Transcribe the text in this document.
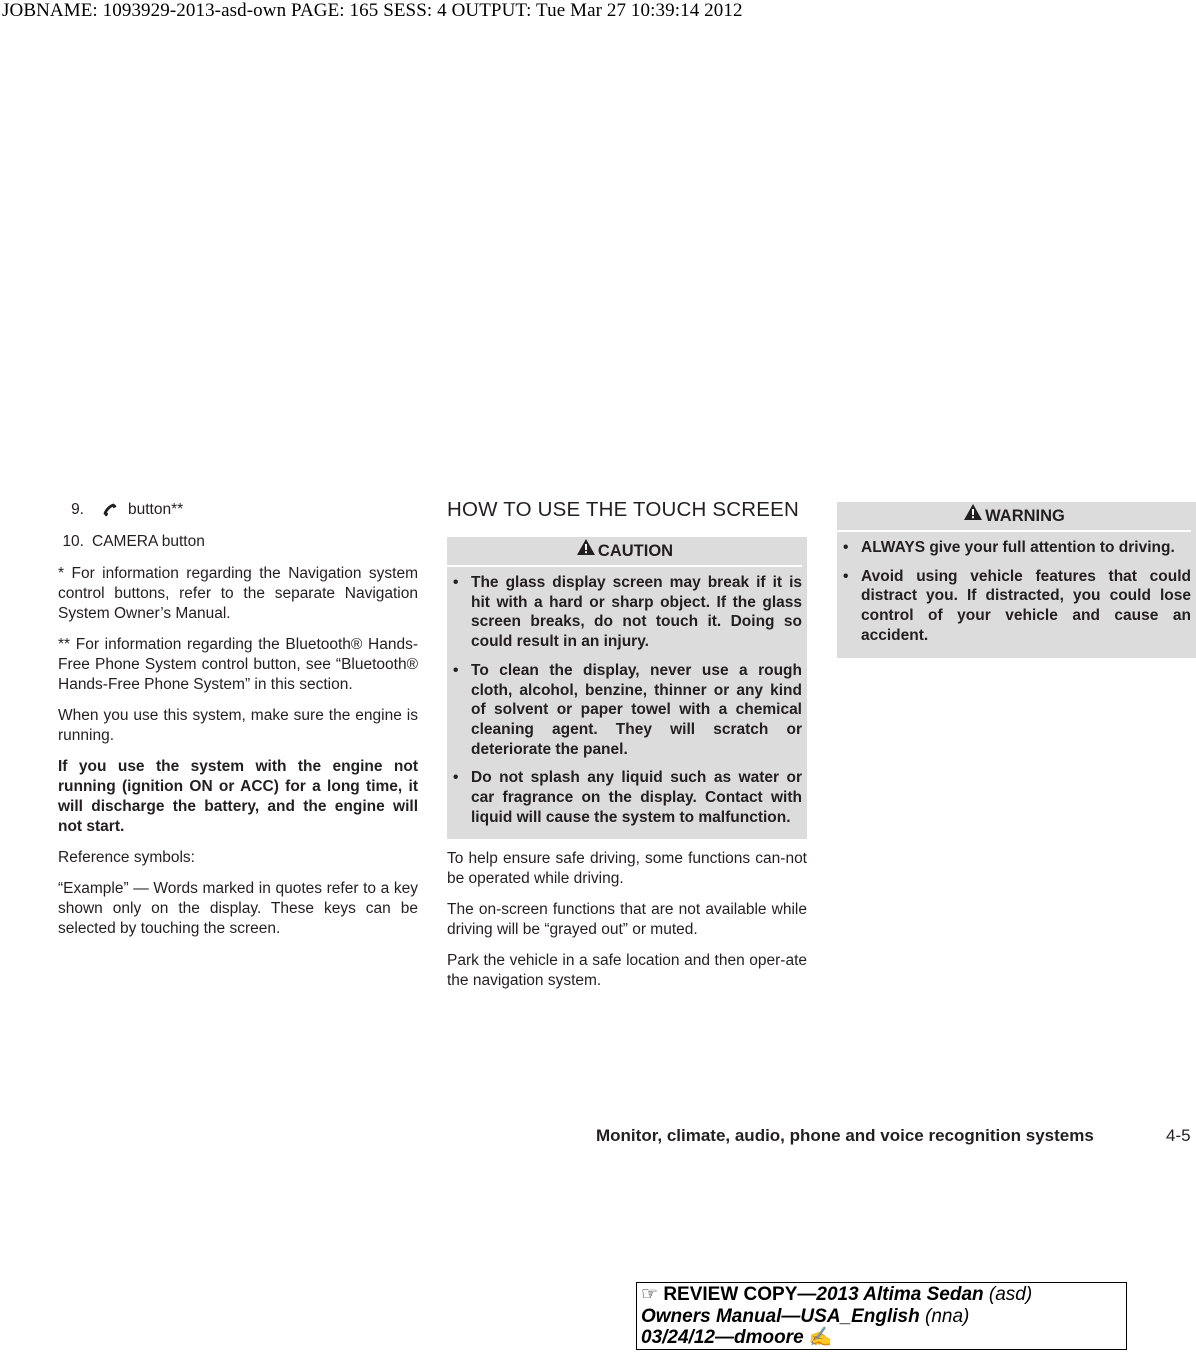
JOBNAME: 1093929-2013-asd-own PAGE: 165 SESS: 4 OUTPUT: Tue Mar 27 10:39:14 2012
9.	button**
10. CAMERA button

* For information regarding the Navigation system control buttons, refer to the separate Navigation System Owner’s Manual.

** For information regarding the Bluetooth® Hands-Free Phone System control button, see “Bluetooth® Hands-Free Phone System” in this section.

When you use this system, make sure the engine is running.

If you use the system with the engine not running (ignition ON or ACC) for a long time, it will discharge the battery, and the engine will not start.

Reference symbols:

“Example” — Words marked in quotes refer to a key shown only on the display. These keys can be selected by touching the screen.

HOW TO USE THE TOUCH SCREEN
CAUTION
• The glass display screen may break if it is hit with a hard or sharp object. If the glass screen breaks, do not touch it. Doing so could result in an injury.
• To clean the display, never use a rough cloth, alcohol, benzine, thinner or any kind of solvent or paper towel with a chemical cleaning agent. They will scratch or deteriorate the panel.
• Do not splash any liquid such as water or car fragrance on the display. Contact with liquid will cause the system to malfunction.

To help ensure safe driving, some functions can-not be operated while driving.

The on-screen functions that are not available while driving will be “grayed out” or muted.

Park the vehicle in a safe location and then oper-ate the navigation system.

WARNING
• ALWAYS give your full attention to driving.
• Avoid using vehicle features that could distract you. If distracted, you could lose control of your vehicle and cause an accident.
Monitor, climate, audio, phone and voice recognition systems	4-5
☞ REVIEW COPY—2013 Altima Sedan (asd)
Owners Manual—USA_English (nna)
03/24/12—dmoore ✍
